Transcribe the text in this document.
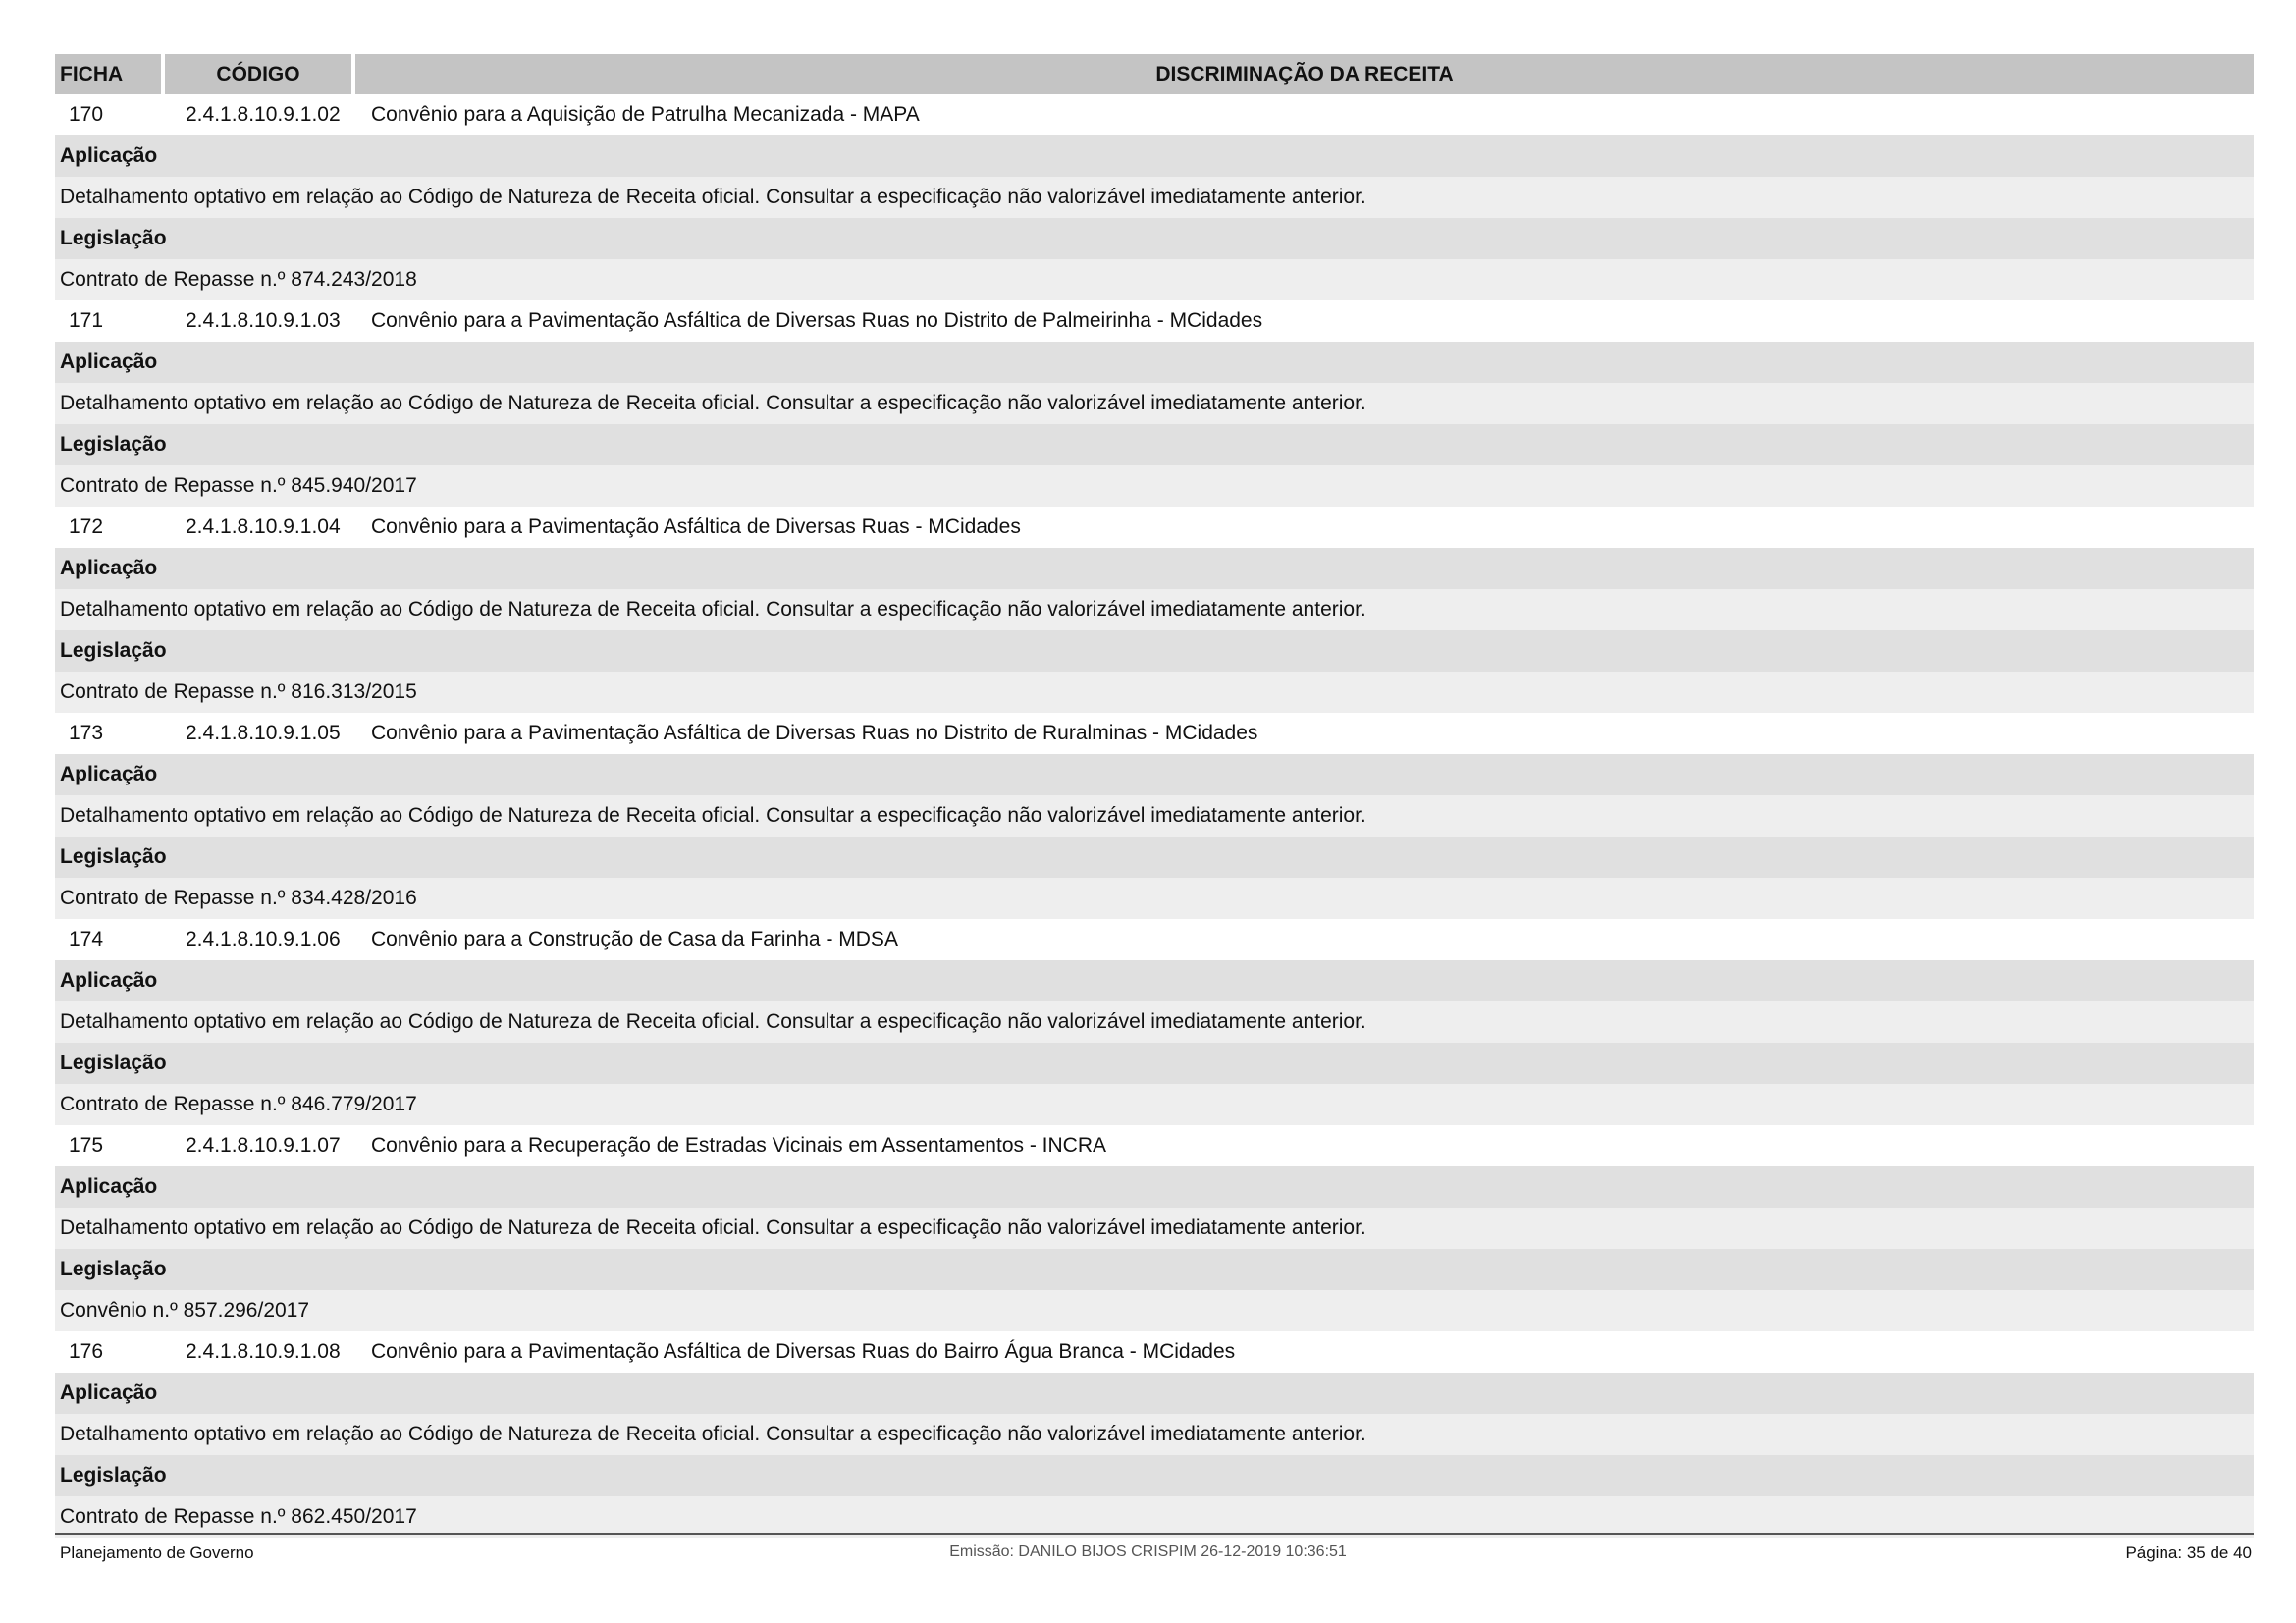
FICHA	CÓDIGO	DISCRIMINAÇÃO DA RECEITA
170	2.4.1.8.10.9.1.02	Convênio para a Aquisição de Patrulha Mecanizada - MAPA
Aplicação
Detalhamento optativo em relação ao Código de Natureza de Receita oficial. Consultar a especificação não valorizável imediatamente anterior.
Legislação
Contrato de Repasse n.º 874.243/2018
171	2.4.1.8.10.9.1.03	Convênio para a Pavimentação Asfáltica de Diversas Ruas no Distrito de Palmeirinha - MCidades
Aplicação
Detalhamento optativo em relação ao Código de Natureza de Receita oficial. Consultar a especificação não valorizável imediatamente anterior.
Legislação
Contrato de Repasse n.º 845.940/2017
172	2.4.1.8.10.9.1.04	Convênio para a Pavimentação Asfáltica de Diversas Ruas - MCidades
Aplicação
Detalhamento optativo em relação ao Código de Natureza de Receita oficial. Consultar a especificação não valorizável imediatamente anterior.
Legislação
Contrato de Repasse n.º 816.313/2015
173	2.4.1.8.10.9.1.05	Convênio para a Pavimentação Asfáltica de Diversas Ruas no Distrito de Ruralminas - MCidades
Aplicação
Detalhamento optativo em relação ao Código de Natureza de Receita oficial. Consultar a especificação não valorizável imediatamente anterior.
Legislação
Contrato de Repasse n.º 834.428/2016
174	2.4.1.8.10.9.1.06	Convênio para a Construção de Casa da Farinha - MDSA
Aplicação
Detalhamento optativo em relação ao Código de Natureza de Receita oficial. Consultar a especificação não valorizável imediatamente anterior.
Legislação
Contrato de Repasse n.º 846.779/2017
175	2.4.1.8.10.9.1.07	Convênio para a Recuperação de Estradas Vicinais em Assentamentos - INCRA
Aplicação
Detalhamento optativo em relação ao Código de Natureza de Receita oficial. Consultar a especificação não valorizável imediatamente anterior.
Legislação
Convênio n.º 857.296/2017
176	2.4.1.8.10.9.1.08	Convênio para a Pavimentação Asfáltica de Diversas Ruas do Bairro Água Branca - MCidades
Aplicação
Detalhamento optativo em relação ao Código de Natureza de Receita oficial. Consultar a especificação não valorizável imediatamente anterior.
Legislação
Contrato de Repasse n.º 862.450/2017
Planejamento de Governo	Emissão: DANILO BIJOS CRISPIM 26-12-2019 10:36:51	Página: 35 de 40
